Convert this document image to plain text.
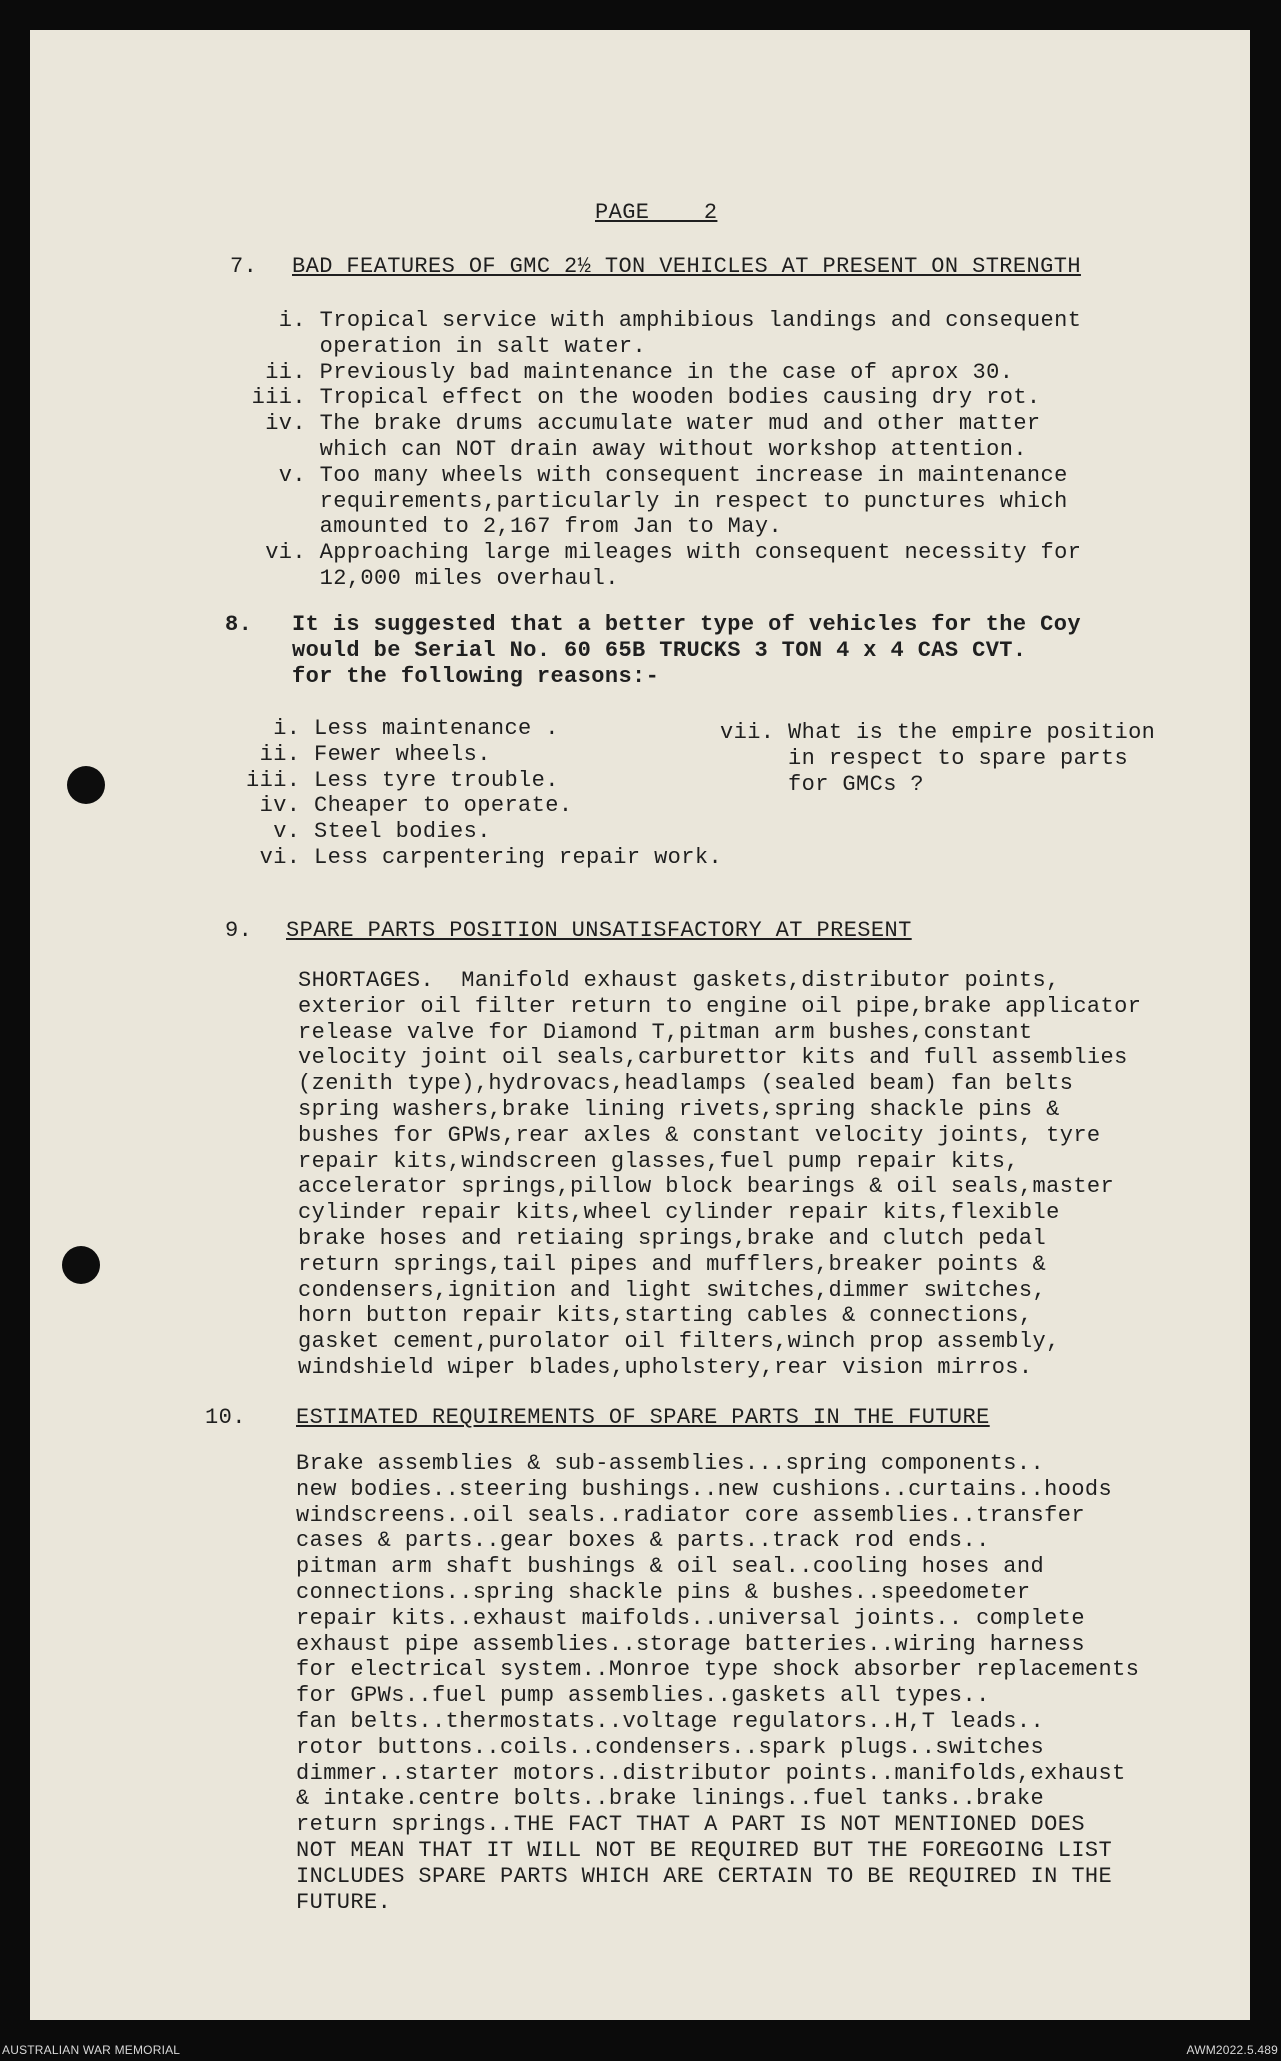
PAGE    2
7. BAD FEATURES OF GMC 2½ TON VEHICLES AT PRESENT ON STRENGTH
i. Tropical service with amphibious landings and consequent
operation in salt water.
ii. Previously bad maintenance in the case of aprox 30.
iii. Tropical effect on the wooden bodies causing dry rot.
iv. The brake drums accumulate water mud and other matter
which can NOT drain away without workshop attention.
v. Too many wheels with consequent increase in maintenance
requirements,particularly in respect to punctures which
amounted to 2,167 from Jan to May.
vi. Approaching large mileages with consequent necessity for
12,000 miles overhaul.
8. It is suggested that a better type of vehicles for the Coy
would be Serial No. 60 65B TRUCKS 3 TON 4 x 4 CAS CVT.
for the following reasons:-
i. Less maintenance .
ii. Fewer wheels.
iii. Less tyre trouble.
iv. Cheaper to operate.
v. Steel bodies.
vi. Less carpentering repair work.
vii. What is the empire position
in respect to spare parts
for GMCs ?
9. SPARE PARTS POSITION UNSATISFACTORY AT PRESENT
SHORTAGES.  Manifold exhaust gaskets,distributor points,
exterior oil filter return to engine oil pipe,brake applicator
release valve for Diamond T,pitman arm bushes,constant
velocity joint oil seals,carburettor kits and full assemblies
(zenith type),hydrovacs,headlamps (sealed beam) fan belts
spring washers,brake lining rivets,spring shackle pins &
bushes for GPWs,rear axles & constant velocity joints, tyre
repair kits,windscreen glasses,fuel pump repair kits,
accelerator springs,pillow block bearings & oil seals,master
cylinder repair kits,wheel cylinder repair kits,flexible
brake hoses and retiaing springs,brake and clutch pedal
return springs,tail pipes and mufflers,breaker points &
condensers,ignition and light switches,dimmer switches,
horn button repair kits,starting cables & connections,
gasket cement,purolator oil filters,winch prop assembly,
windshield wiper blades,upholstery,rear vision mirros.
10. ESTIMATED REQUIREMENTS OF SPARE PARTS IN THE FUTURE
Brake assemblies & sub-assemblies...spring components..
new bodies..steering bushings..new cushions..curtains..hoods
windscreens..oil seals..radiator core assemblies..transfer
cases & parts..gear boxes & parts..track rod ends..
pitman arm shaft bushings & oil seal..cooling hoses and
connections..spring shackle pins & bushes..speedometer
repair kits..exhaust maifolds..universal joints.. complete
exhaust pipe assemblies..storage batteries..wiring harness
for electrical system..Monroe type shock absorber replacements
for GPWs..fuel pump assemblies..gaskets all types..
fan belts..thermostats..voltage regulators..H,T leads..
rotor buttons..coils..condensers..spark plugs..switches
dimmer..starter motors..distributor points..manifolds,exhaust
& intake.centre bolts..brake linings..fuel tanks..brake
return springs..THE FACT THAT A PART IS NOT MENTIONED DOES
NOT MEAN THAT IT WILL NOT BE REQUIRED BUT THE FOREGOING LIST
INCLUDES SPARE PARTS WHICH ARE CERTAIN TO BE REQUIRED IN THE
FUTURE.
AUSTRALIAN WAR MEMORIAL	AWM2022.5.489
